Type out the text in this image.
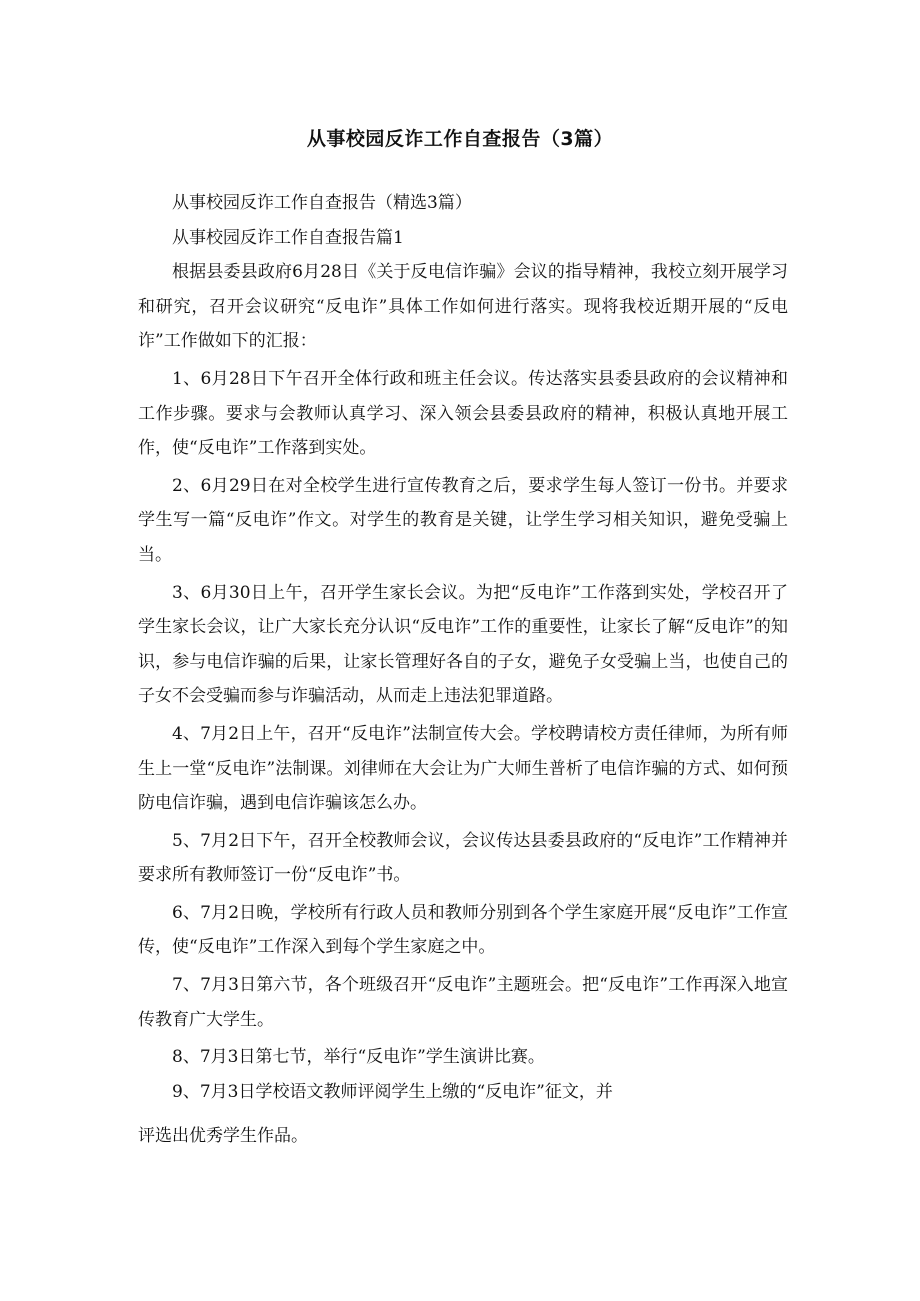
从事校园反诈工作自查报告（3篇）

从事校园反诈工作自查报告（精选3篇）

从事校园反诈工作自查报告篇1

根据县委县政府6月28日《关于反电信诈骗》会议的指导精神，我校立刻开展学习和研究，召开会议研究“反电诈”具体工作如何进行落实。现将我校近期开展的“反电诈”工作做如下的汇报：

1、6月28日下午召开全体行政和班主任会议。传达落实县委县政府的会议精神和工作步骤。要求与会教师认真学习、深入领会县委县政府的精神，积极认真地开展工作，使“反电诈”工作落到实处。

2、6月29日在对全校学生进行宣传教育之后，要求学生每人签订一份书。并要求学生写一篇“反电诈”作文。对学生的教育是关键，让学生学习相关知识，避免受骗上当。

3、6月30日上午，召开学生家长会议。为把“反电诈”工作落到实处，学校召开了学生家长会议，让广大家长充分认识“反电诈”工作的重要性，让家长了解“反电诈”的知识，参与电信诈骗的后果，让家长管理好各自的子女，避免子女受骗上当，也使自己的子女不会受骗而参与诈骗活动，从而走上违法犯罪道路。

4、7月2日上午，召开“反电诈”法制宣传大会。学校聘请校方责任律师，为所有师生上一堂“反电诈”法制课。刘律师在大会让为广大师生普析了电信诈骗的方式、如何预防电信诈骗，遇到电信诈骗该怎么办。

5、7月2日下午，召开全校教师会议，会议传达县委县政府的“反电诈”工作精神并要求所有教师签订一份“反电诈”书。

6、7月2日晚，学校所有行政人员和教师分别到各个学生家庭开展“反电诈”工作宣传，使“反电诈”工作深入到每个学生家庭之中。

7、7月3日第六节，各个班级召开“反电诈”主题班会。把“反电诈”工作再深入地宣传教育广大学生。

8、7月3日第七节，举行“反电诈”学生演讲比赛。

9、7月3日学校语文教师评阅学生上缴的“反电诈”征文，并

评选出优秀学生作品。
